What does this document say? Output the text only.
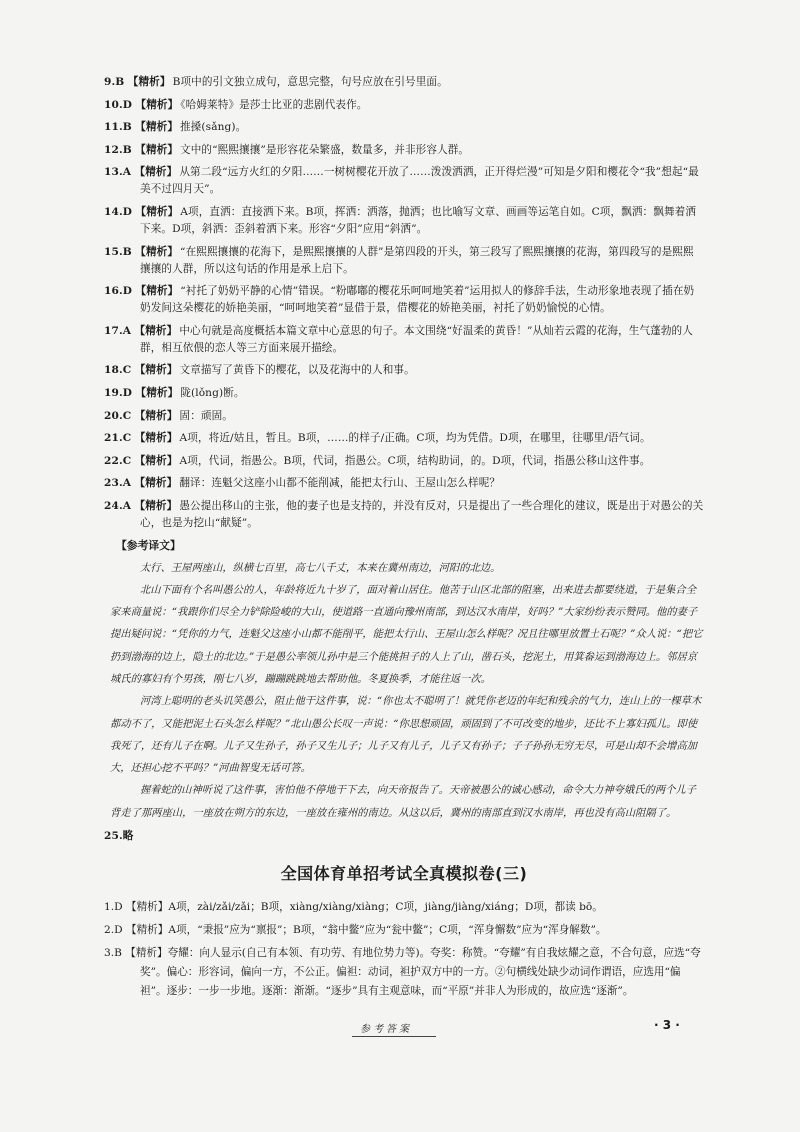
9.B 【精析】 B项中的引文独立成句，意思完整，句号应放在引号里面。
10.D 【精析】 《哈姆莱特》是莎士比亚的悲剧代表作。
11.B 【精析】 推搡(sǎng)。
12.B 【精析】 文中的“熙熙攘攘”是形容花朵繁盛，数量多，并非形容人群。
13.A 【精析】 从第二段“远方火红的夕阳……一树树樱花开放了……泼泼洒洒，正开得烂漫”可知是夕阳和樱花令“我”想起“最美不过四月天”。
14.D 【精析】 A项，直洒：直接洒下来。B项，挥洒：洒落，抛洒；也比喻写文章、画画等运笔自如。C项，飘洒：飘舞着洒下来。D项，斜洒：歪斜着洒下来。形容“夕阳”应用“斜洒”。
15.B 【精析】 “在熙熙攘攘的花海下，是熙熙攘攘的人群”是第四段的开头，第三段写了熙熙攘攘的花海，第四段写的是熙熙攘攘的人群，所以这句话的作用是承上启下。
16.D 【精析】 “衬托了奶奶平静的心情”错误。“粉嘟嘟的樱花乐呵呵地笑着”运用拟人的修辞手法，生动形象地表现了插在奶奶发间这朵樱花的娇艳美丽，“呵呵地笑着”显借于景，借樱花的娇艳美丽，衬托了奶奶愉悦的心情。
17.A 【精析】 中心句就是高度概括本篇文章中心意思的句子。本文围绕“好温柔的黄昏！”从灿若云霞的花海，生气蓬勃的人群，相互依偎的恋人等三方面来展开描绘。
18.C 【精析】 文章描写了黄昏下的樱花，以及花海中的人和事。
19.D 【精析】 陇(lǒng)断。
20.C 【精析】 固：顽固。
21.C 【精析】 A项，将近/姑且，暂且。B项，……的样子/正确。C项，均为凭借。D项，在哪里，往哪里/语气词。
22.C 【精析】 A项，代词，指愚公。B项，代词，指愚公。C项，结构助词，的。D项，代词，指愚公移山这件事。
23.A 【精析】 翻译：连魁父这座小山都不能削减，能把太行山、王屋山怎么样呢？
24.A 【精析】 愚公提出移山的主张，他的妻子也是支持的，并没有反对，只是提出了一些合理化的建议，既是出于对愚公的关心，也是为挖山“献疑”。
【参考译文】

太行、王屋两座山，纵横七百里，高七八千丈，本来在冀州南边，河阳的北边。

北山下面有个名叫愚公的人，年龄将近九十岁了，面对着山居住。他苦于山区北部的阻塞，出来进去都要绕道，于是集合全家来商量说：“我跟你们尽全力铲除险峻的大山，使道路一直通向豫州南部，到达汉水南岸，好吗？”大家纷纷表示赞同。他的妻子提出疑问说：“凭你的力气，连魁父这座小山都不能削平，能把太行山、王屋山怎么样呢？况且往哪里放置土石呢？”众人说：“把它扔到渤海的边上，隐土的北边。”于是愚公率领儿孙中是三个能挑担子的人上了山，凿石头，挖泥土，用箕畚运到渤海边上。邻居京城氏的寡妇有个男孩，刚七八岁，蹦蹦跳跳地去帮助他。冬夏换季，才能往返一次。

河湾上聪明的老头讥笑愚公，阻止他干这件事，说：“你也太不聪明了！就凭你老迈的年纪和残余的气力，连山上的一棵草木都动不了，又能把泥土石头怎么样呢？”北山愚公长叹一声说：“你思想顽固，顽固到了不可改变的地步，还比不上寡妇孤儿。即使我死了，还有儿子在啊。儿子又生孙子，孙子又生儿子；儿子又有儿子，儿子又有孙子；子子孙孙无穷无尽，可是山却不会增高加大，还担心挖不平吗？”河曲智叟无话可答。

握着蛇的山神听说了这件事，害怕他不停地干下去，向天帝报告了。天帝被愚公的诚心感动，命令大力神夸娥氏的两个儿子背走了那两座山，一座放在朔方的东边，一座放在雍州的南边。从这以后，冀州的南部直到汉水南岸，再也没有高山阻隔了。

25.略
全国体育单招考试全真模拟卷(三)
1.D 【精析】A项，zài/zǎi/zǎi；B项，xiàng/xiàng/xiàng；C项，jiàng/jiàng/xiáng；D项，都读 bō。
2.D 【精析】A项，“秉报”应为“禀报”；B项，“翁中鳖”应为“瓮中鳖”；C项，“浑身懈数”应为“浑身解数”。
3.B 【精析】夸耀：向人显示(自己有本领、有功劳、有地位势力等)。夸奖：称赞。“夸耀”有自我炫耀之意，不合句意，应选“夸奖”。偏心：形容词，偏向一方，不公正。偏袒：动词，袒护双方中的一方。②句横线处缺少动词作谓语，应选用“偏袒”。逐步：一步一步地。逐渐：渐渐。“逐步”具有主观意味，而“平原”并非人为形成的，故应选“逐渐”。
参考答案	· 3 ·
